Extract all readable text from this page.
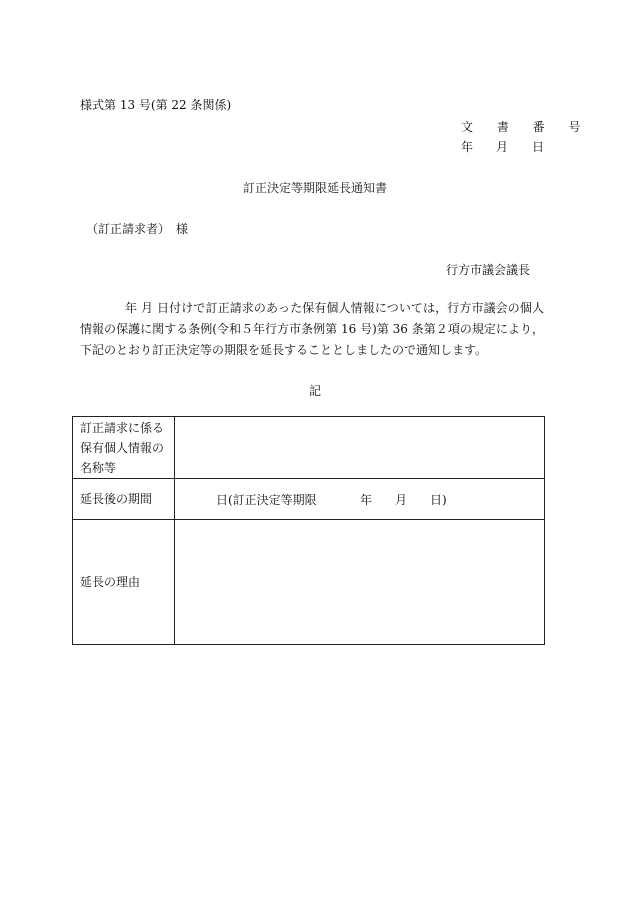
様式第 13 号(第 22 条関係)
文 書 番 号
年 月 日
訂正決定等期限延長通知書
（訂正請求者）　様
行方市議会議長
年 月 日付けで訂正請求のあった保有個人情報については，行方市議会の個人情報の保護に関する条例(令和５年行方市条例第 16 号)第 36 条第２項の規定により，下記のとおり訂正決定等の期限を延長することとしましたので通知します。
記
訂正請求に係る
保有個人情報の
名称等	

延長後の期間	日(訂正決定等期限 年 月 日)

延長の理由	
